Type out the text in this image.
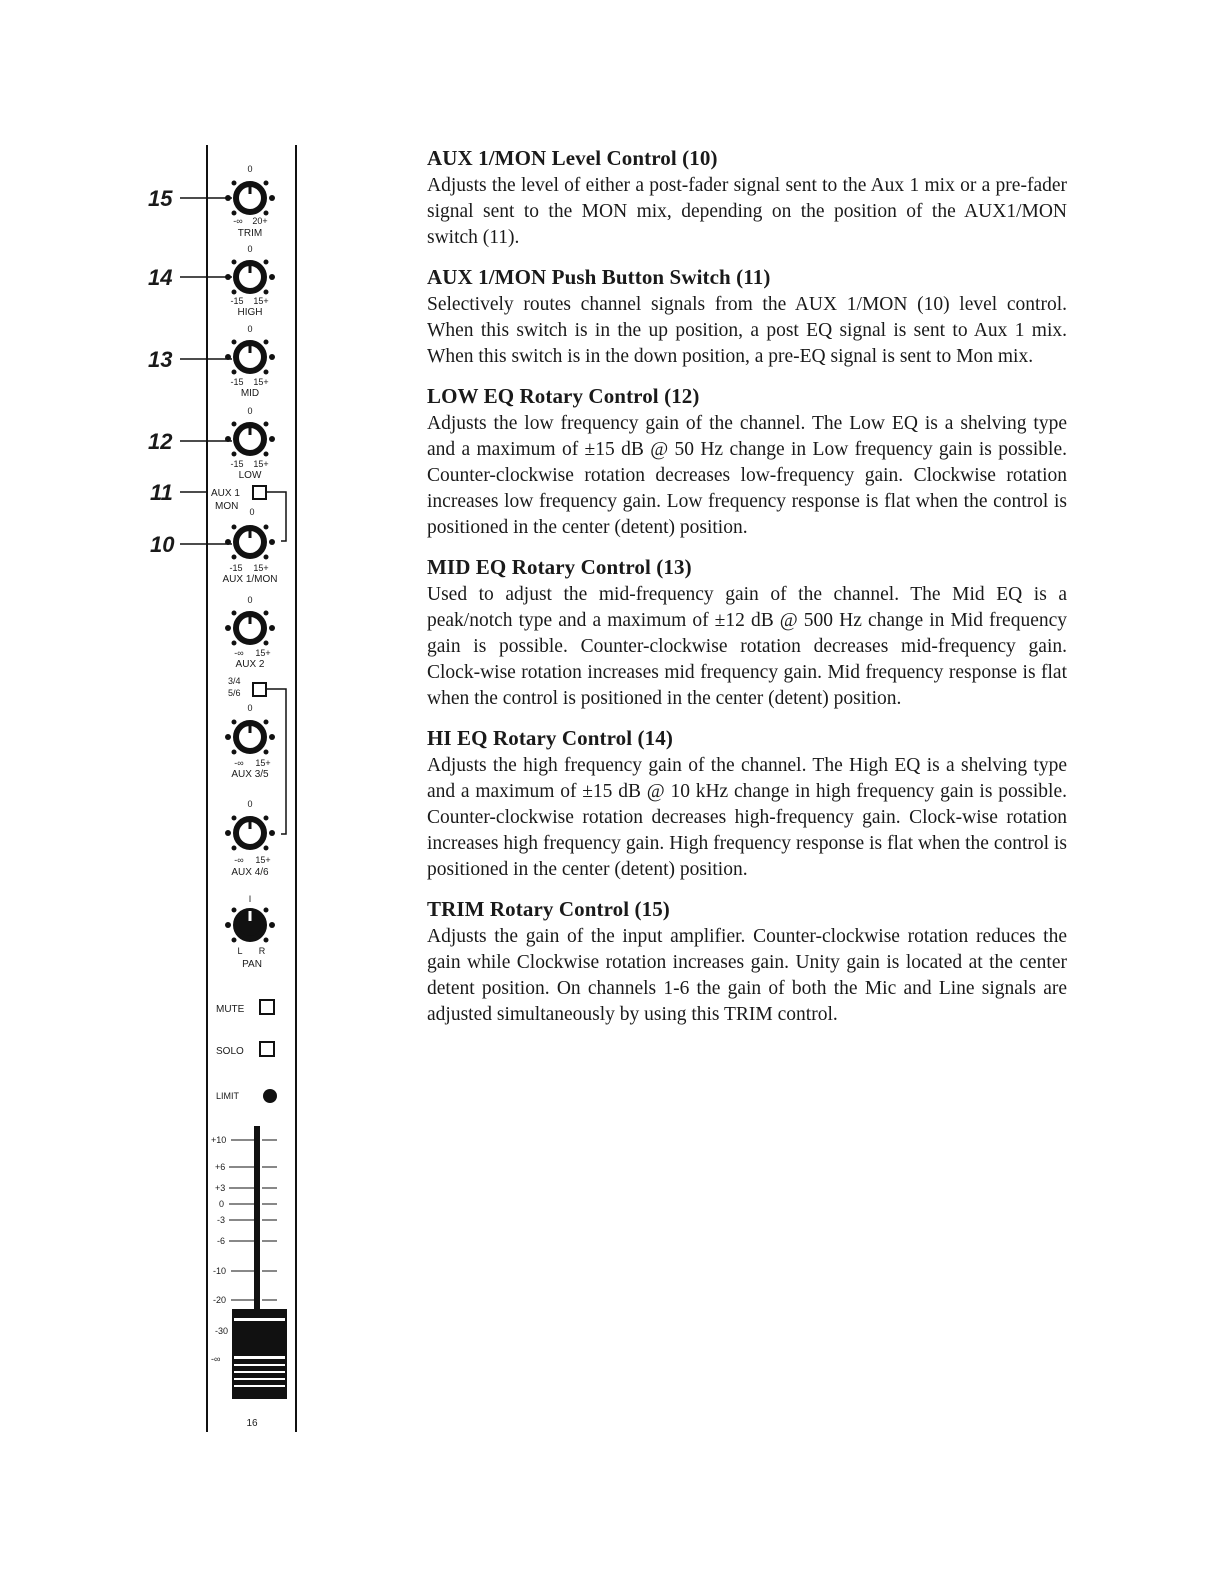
15
14
13
12
11
10
0
-∞ 20+
TRIM
0
-15 15+
HIGH
0
-15 15+
MID
0
-15 15+
LOW
AUX 1
MON 0
-15 15+
AUX 1/MON
0
-∞ 15+
AUX 2
3/4
5/6
0
-∞ 15+
AUX 3/5
0
-∞ 15+
AUX 4/6
I
L R
PAN
MUTE
SOLO
LIMIT
+10
+6
+3
0
-3
-6
-10
-20
-30
-∞
16
AUX 1/MON Level Control (10)

Adjusts the level of either a post-fader signal sent to the Aux 1 mix or a pre-fader signal sent to the MON mix, depending on the position of the AUX1/MON switch (11).

AUX 1/MON Push Button Switch (11)

Selectively routes channel signals from the AUX 1/MON (10) level control. When this switch is in the up position, a post EQ signal is sent to Aux 1 mix. When this switch is in the down position, a pre-EQ signal is sent to Mon mix.

LOW EQ Rotary Control (12)

Adjusts the low frequency gain of the channel. The Low EQ is a shelving type and a maximum of ±15 dB @ 50 Hz change in Low frequency gain is possible. Counter-clockwise rotation decreases low-frequency gain. Clockwise rotation increases low frequency gain. Low frequency response is flat when the control is positioned in the center (detent) position.

MID EQ Rotary Control (13)

Used to adjust the mid-frequency gain of the channel. The Mid EQ is a peak/notch type and a maximum of ±12 dB @ 500 Hz change in Mid frequency gain is possible. Counter-clockwise rotation decreases mid-frequency gain. Clock-wise rotation increases mid frequency gain. Mid frequency response is flat when the control is positioned in the center (detent) position.

HI EQ Rotary Control (14)

Adjusts the high frequency gain of the channel. The High EQ is a shelving type and a maximum of ±15 dB @ 10 kHz change in high frequency gain is possible. Counter-clockwise rotation decreases high-frequency gain. Clock-wise rotation increases high frequency gain. High frequency response is flat when the control is positioned in the center (detent) position.

TRIM Rotary Control (15)

Adjusts the gain of the input amplifier. Counter-clockwise rotation reduces the gain while Clockwise rotation increases gain. Unity gain is located at the center detent position. On channels 1-6 the gain of both the Mic and Line signals are adjusted simultaneously by using this TRIM control.
